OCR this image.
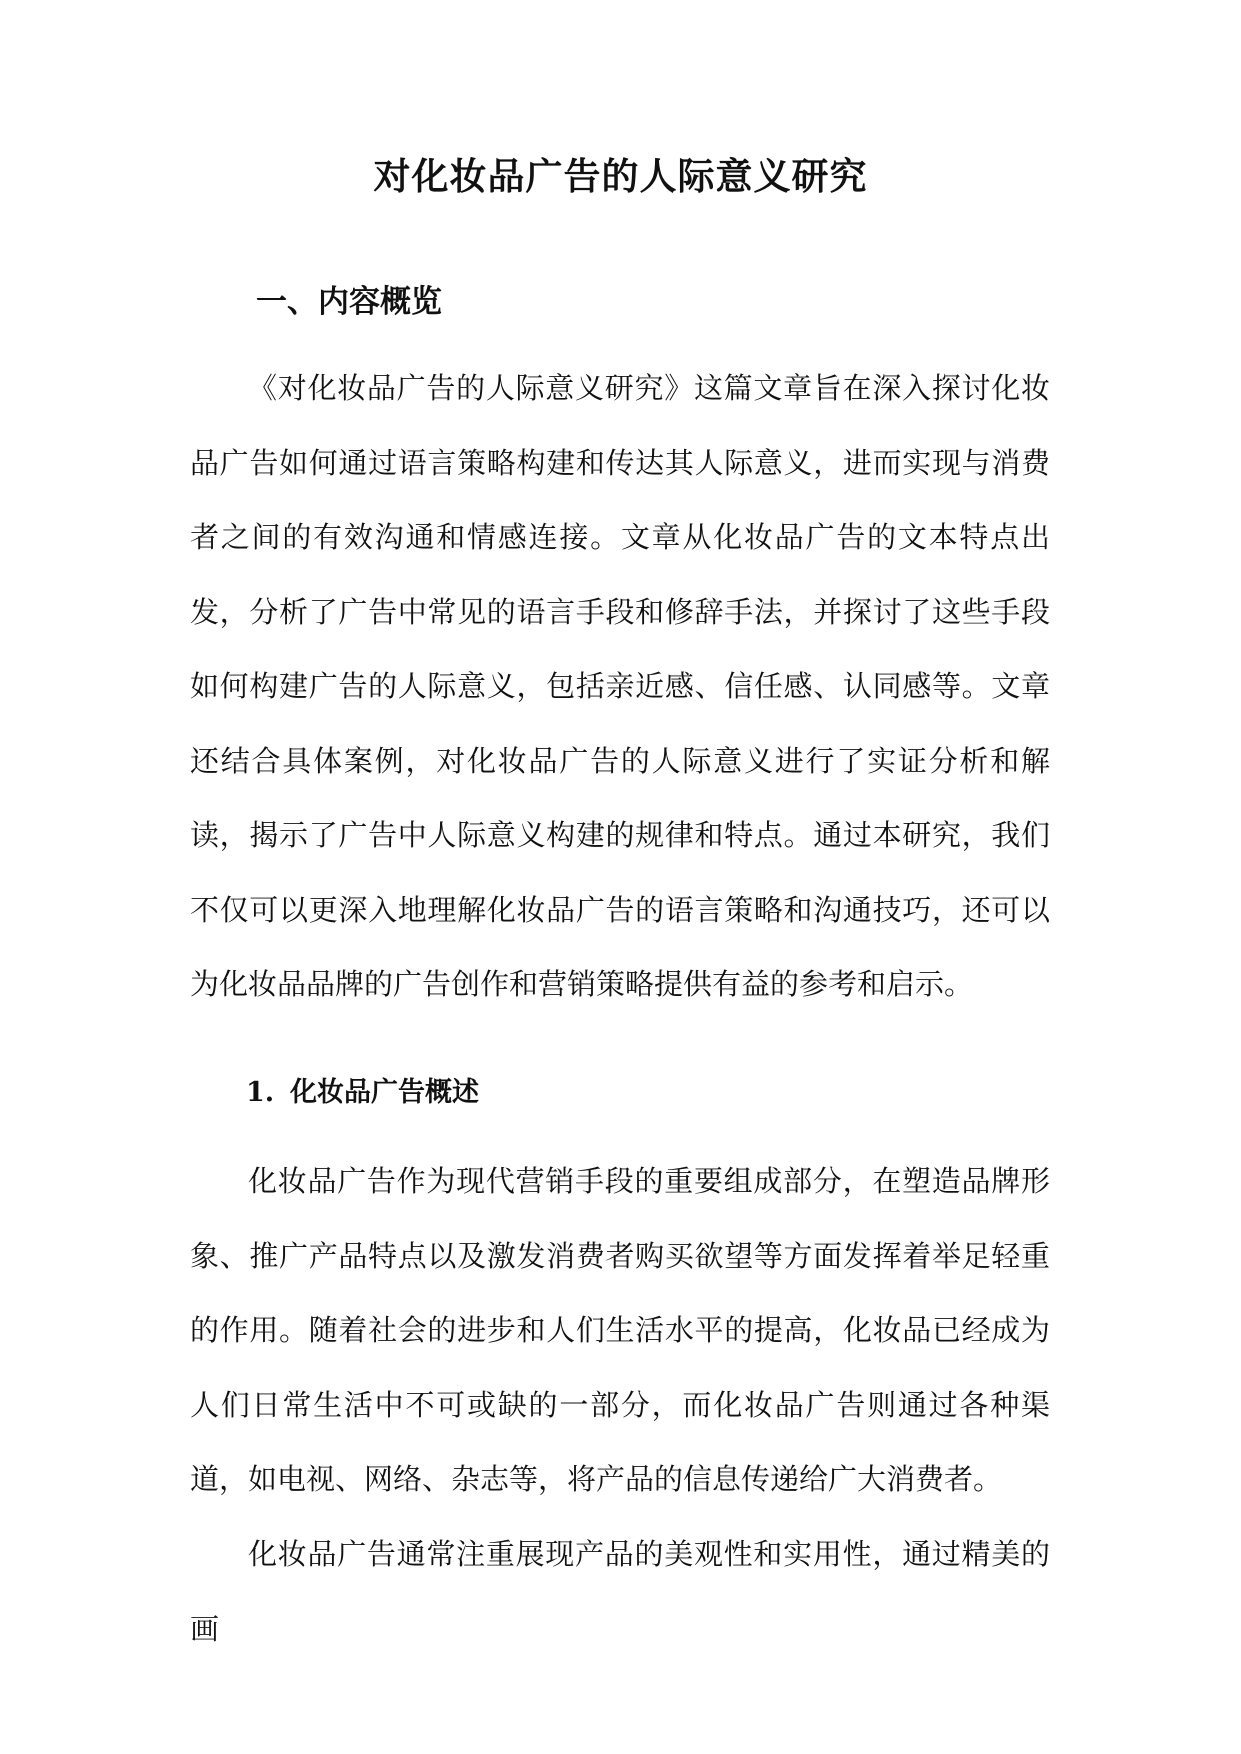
对化妆品广告的人际意义研究
一、内容概览

《对化妆品广告的人际意义研究》这篇文章旨在深入探讨化妆品广告如何通过语言策略构建和传达其人际意义，进而实现与消费者之间的有效沟通和情感连接。文章从化妆品广告的文本特点出发，分析了广告中常见的语言手段和修辞手法，并探讨了这些手段如何构建广告的人际意义，包括亲近感、信任感、认同感等。文章还结合具体案例，对化妆品广告的人际意义进行了实证分析和解读，揭示了广告中人际意义构建的规律和特点。通过本研究，我们不仅可以更深入地理解化妆品广告的语言策略和沟通技巧，还可以为化妆品品牌的广告创作和营销策略提供有益的参考和启示。

1. 化妆品广告概述

化妆品广告作为现代营销手段的重要组成部分，在塑造品牌形象、推广产品特点以及激发消费者购买欲望等方面发挥着举足轻重的作用。随着社会的进步和人们生活水平的提高，化妆品已经成为人们日常生活中不可或缺的一部分，而化妆品广告则通过各种渠道，如电视、网络、杂志等，将产品的信息传递给广大消费者。

化妆品广告通常注重展现产品的美观性和实用性，通过精美的画
